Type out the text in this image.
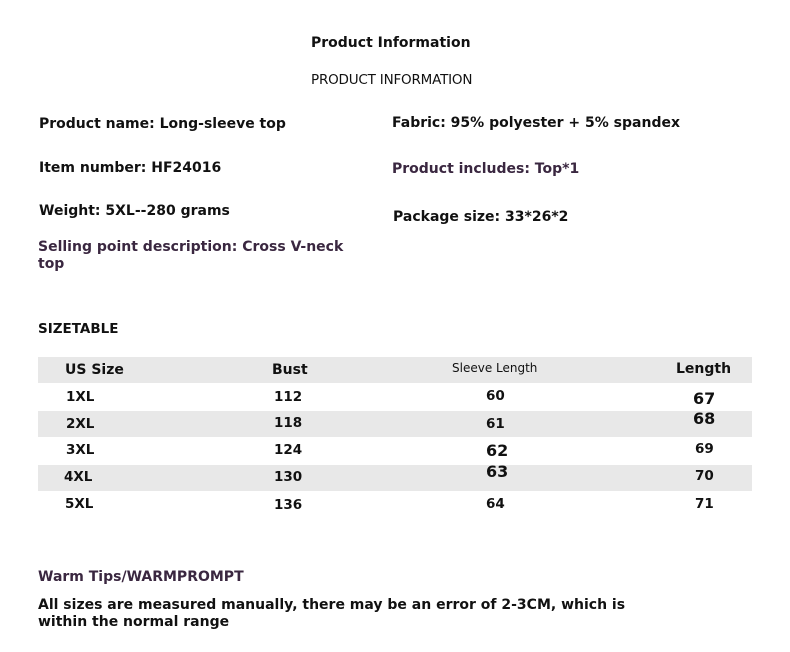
Product Information
PRODUCT INFORMATION
Product name: Long-sleeve top	Fabric: 95% polyester + 5% spandex
Item number: HF24016	Product includes: Top*1
Weight: 5XL--280 grams	Package size: 33*26*2
Selling point description: Cross V-neck
top
SIZETABLE
US Size	Bust	Sleeve Length	Length
1XL	112	60	67
2XL	118	61	68
3XL	124	62	69
4XL	130	63	70
5XL	136	64	71
Warm Tips/WARMPROMPT
All sizes are measured manually, there may be an error of 2-3CM, which is within the normal range
